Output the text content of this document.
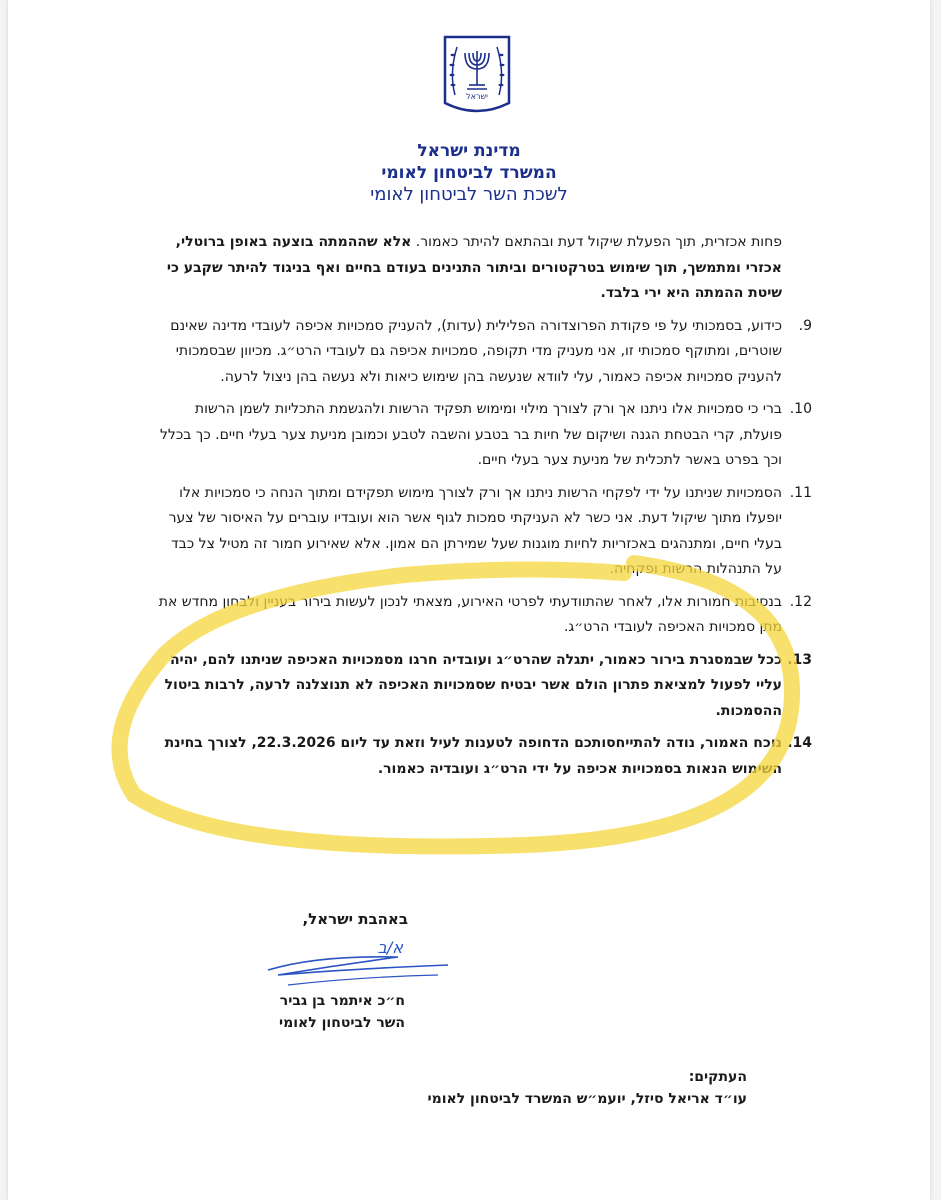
ישראל
מדינת ישראל
המשרד לביטחון לאומי
לשכת השר לביטחון לאומי

פחות אכזרית, תוך הפעלת שיקול דעת ובהתאם להיתר כאמור. אלא שההמתה בוצעה באופן ברוטלי, אכזרי ומתמשך, תוך שימוש בטרקטורים וביתור התנינים בעודם בחיים ואף בניגוד להיתר שקבע כי שיטת ההמתה היא ירי בלבד.

9.
כידוע, בסמכותי על פי פקודת הפרוצדורה הפלילית (עדות), להעניק סמכויות אכיפה לעובדי מדינה שאינם שוטרים, ומתוקף סמכותי זו, אני מעניק מדי תקופה, סמכויות אכיפה גם לעובדי הרט״ג. מכיוון שבסמכותי להעניק סמכויות אכיפה כאמור, עלי לוודא שנעשה בהן שימוש כיאות ולא נעשה בהן ניצול לרעה.

10.
ברי כי סמכויות אלו ניתנו אך ורק לצורך מילוי ומימוש תפקיד הרשות ולהגשמת התכליות לשמן הרשות פועלת, קרי הבטחת הגנה ושיקום של חיות בר בטבע והשבה לטבע וכמובן מניעת צער בעלי חיים. כך בכלל וכך בפרט באשר לתכלית של מניעת צער בעלי חיים.

11.
הסמכויות שניתנו על ידי לפקחי הרשות ניתנו אך ורק לצורך מימוש תפקידם ומתוך הנחה כי סמכויות אלו יופעלו מתוך שיקול דעת. אני כשר לא העניקתי סמכות לגוף אשר הוא ועובדיו עוברים על האיסור של צער בעלי חיים, ומתנהגים באכזריות לחיות מוגנות שעל שמירתן הם אמון. אלא שאירוע חמור זה מטיל צל כבד על התנהלות הרשות ופקחיה.

12.
בנסיבות חמורות אלו, לאחר שהתוודעתי לפרטי האירוע, מצאתי לנכון לעשות בירור בעניין ולבחון מחדש את מתן סמכויות האכיפה לעובדי הרט״ג.

13.
ככל שבמסגרת בירור כאמור, יתגלה שהרט״ג ועובדיה חרגו מסמכויות האכיפה שניתנו להם, יהיה עליי לפעול למציאת פתרון הולם אשר יבטיח שסמכויות האכיפה לא תנוצלנה לרעה, לרבות ביטול ההסמכות.

14.
נוכח האמור, נודה להתייחסותכם הדחופה לטענות לעיל וזאת עד ליום 22.3.2026, לצורך בחינת השימוש הנאות בסמכויות אכיפה על ידי הרט״ג ועובדיה כאמור.

באהבת ישראל,
א/ב
ח״כ איתמר בן גביר
השר לביטחון לאומי
העתקים:
עו״ד אריאל סיזל, יועמ״ש המשרד לביטחון לאומי
